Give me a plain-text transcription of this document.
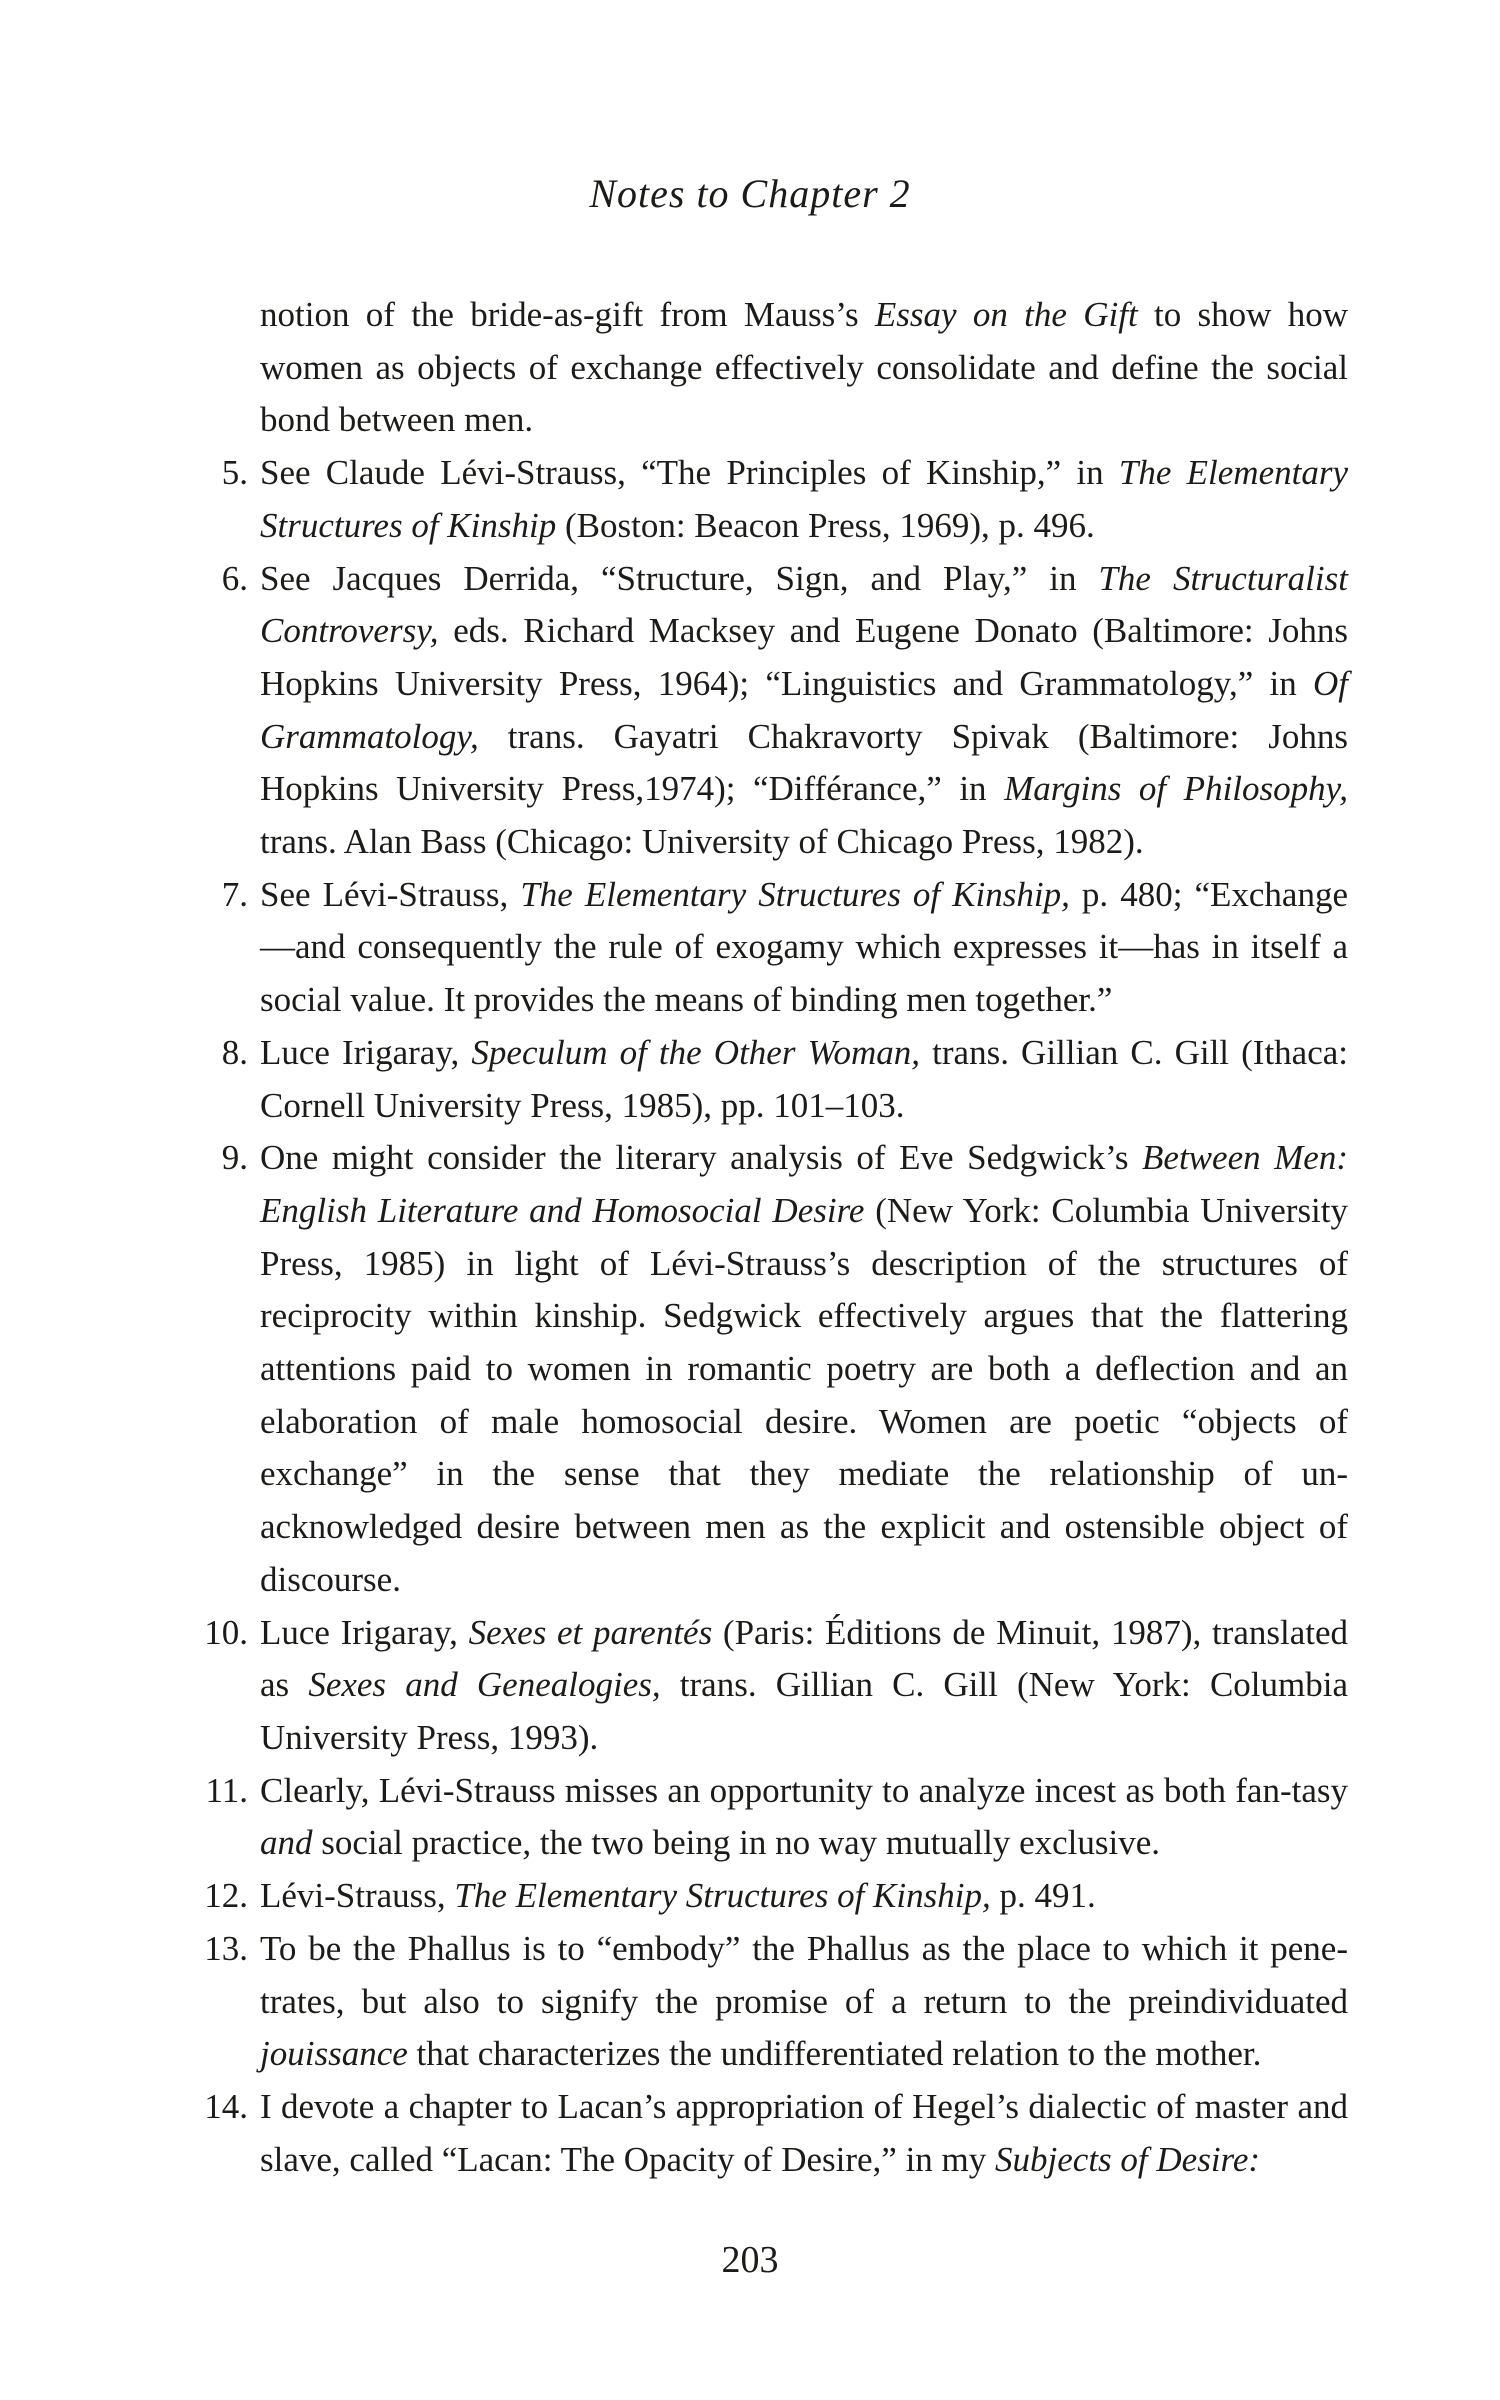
Notes to Chapter 2
notion of the bride-as-gift from Mauss’s Essay on the Gift to show how women as objects of exchange effectively consolidate and define the social bond between men.
5. See Claude Lévi-Strauss, “The Principles of Kinship,” in The Elementary Structures of Kinship (Boston: Beacon Press, 1969), p. 496.
6. See Jacques Derrida, “Structure, Sign, and Play,” in The Structuralist Controversy, eds. Richard Macksey and Eugene Donato (Baltimore: Johns Hopkins University Press, 1964); “Linguistics and Grammatology,” in Of Grammatology, trans. Gayatri Chakravorty Spivak (Baltimore: Johns Hopkins University Press,1974); “Différance,” in Margins of Philosophy, trans. Alan Bass (Chicago: University of Chicago Press, 1982).
7. See Lévi-Strauss, The Elementary Structures of Kinship, p. 480; “Exchange—and consequently the rule of exogamy which expresses it—has in itself a social value. It provides the means of binding men together.”
8. Luce Irigaray, Speculum of the Other Woman, trans. Gillian C. Gill (Ithaca: Cornell University Press, 1985), pp. 101–103.
9. One might consider the literary analysis of Eve Sedgwick’s Between Men: English Literature and Homosocial Desire (New York: Columbia University Press, 1985) in light of Lévi-Strauss’s description of the structures of reciprocity within kinship. Sedgwick effectively argues that the flattering attentions paid to women in romantic poetry are both a deflection and an elaboration of male homosocial desire. Women are poetic “objects of exchange” in the sense that they mediate the relationship of un-acknowledged desire between men as the explicit and ostensible object of discourse.
10. Luce Irigaray, Sexes et parentés (Paris: Éditions de Minuit, 1987), translated as Sexes and Genealogies, trans. Gillian C. Gill (New York: Columbia University Press, 1993).
11. Clearly, Lévi-Strauss misses an opportunity to analyze incest as both fan-tasy and social practice, the two being in no way mutually exclusive.
12. Lévi-Strauss, The Elementary Structures of Kinship, p. 491.
13. To be the Phallus is to “embody” the Phallus as the place to which it pene-trates, but also to signify the promise of a return to the preindividuated jouissance that characterizes the undifferentiated relation to the mother.
14. I devote a chapter to Lacan’s appropriation of Hegel’s dialectic of master and slave, called “Lacan: The Opacity of Desire,” in my Subjects of Desire:
203
